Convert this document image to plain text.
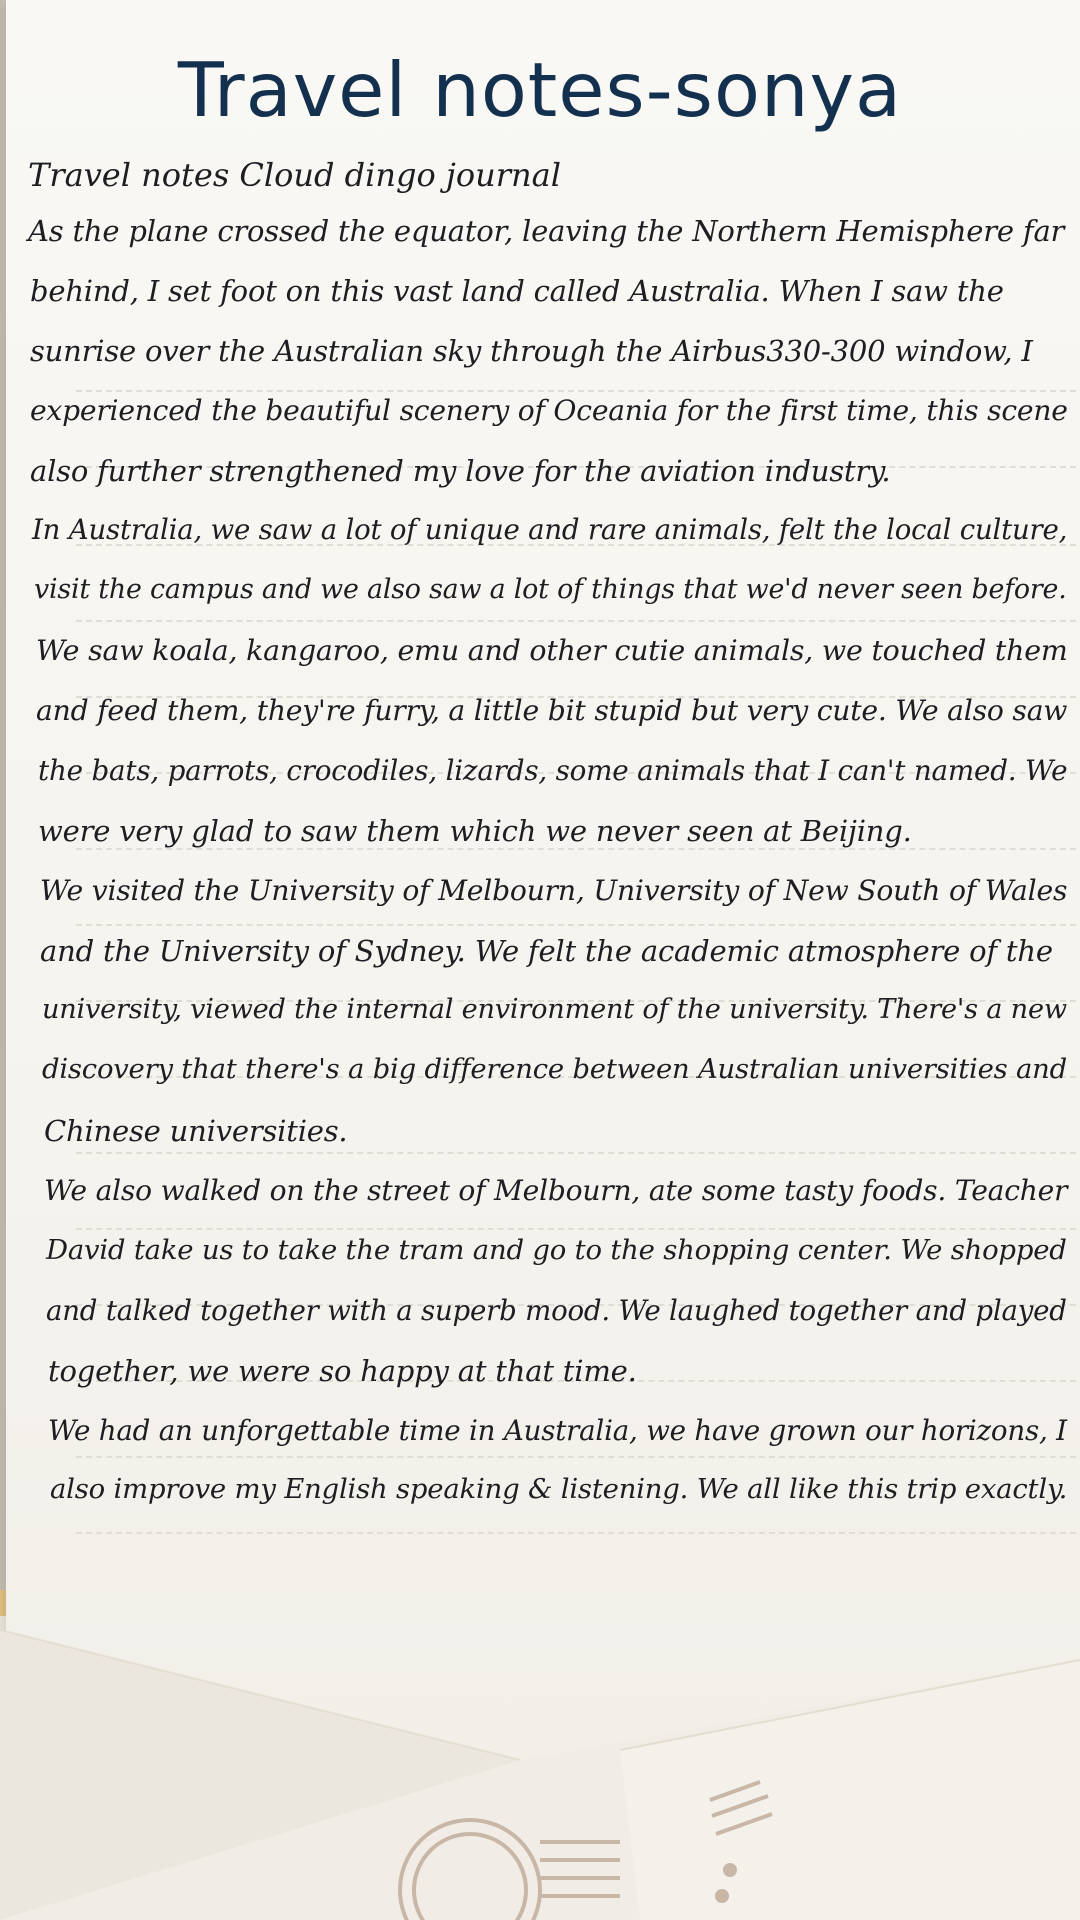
Travel notes-sonya
Travel notes Cloud dingo journal
As the plane crossed the equator, leaving the Northern Hemisphere far
behind, I set foot on this vast land called Australia. When I saw the
sunrise over the Australian sky through the Airbus330-300 window, I
experienced the beautiful scenery of Oceania for the first time, this scene
also further strengthened my love for the aviation industry.
In Australia, we saw a lot of unique and rare animals, felt the local culture,
visit the campus and we also saw a lot of things that we'd never seen before.
We saw koala, kangaroo, emu and other cutie animals, we touched them
and feed them, they're furry, a little bit stupid but very cute. We also saw
the bats, parrots, crocodiles, lizards, some animals that I can't named. We
were very glad to saw them which we never seen at Beijing.
We visited the University of Melbourn, University of New South of Wales
and the University of Sydney. We felt the academic atmosphere of the
university, viewed the internal environment of the university. There's a new
discovery that there's a big difference between Australian universities and
Chinese universities.
We also walked on the street of Melbourn, ate some tasty foods. Teacher
David take us to take the tram and go to the shopping center. We shopped
and talked together with a superb mood. We laughed together and played
together, we were so happy at that time.
We had an unforgettable time in Australia, we have grown our horizons, I
also improve my English speaking & listening. We all like this trip exactly.
